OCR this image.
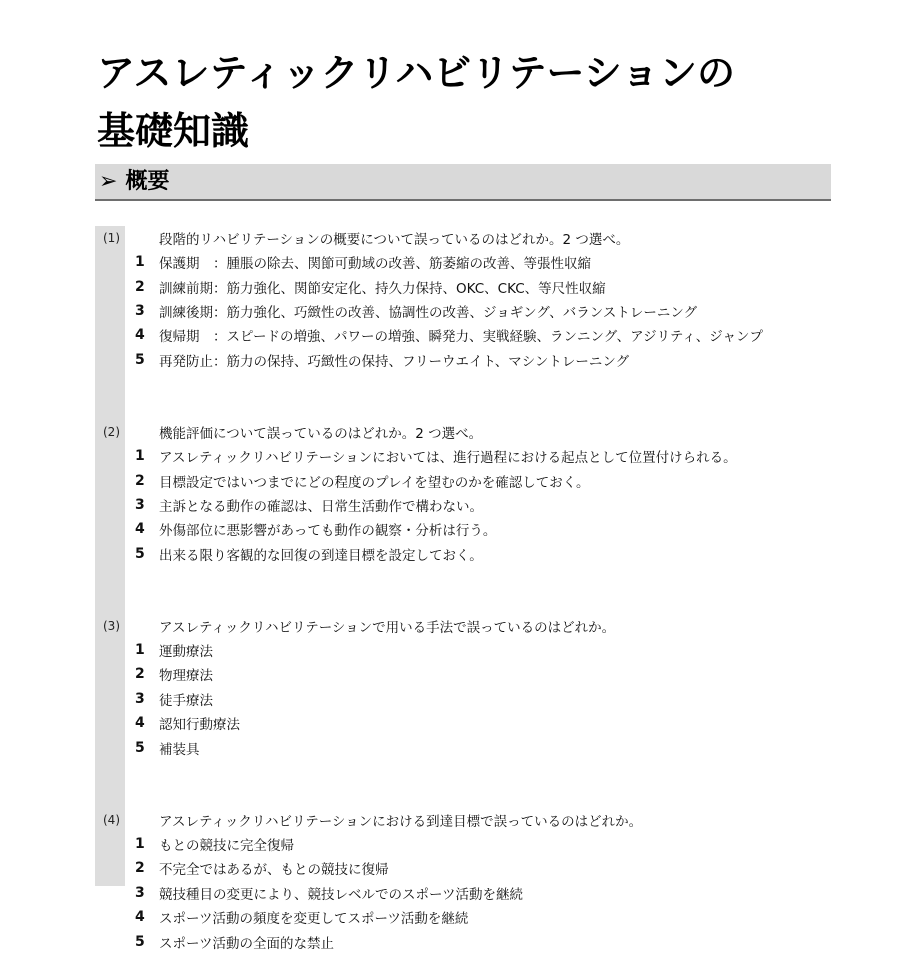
アスレティックリハビリテーションの
基礎知識
➢ 概要
(1)	段階的リハビリテーションの概要について誤っているのはどれか。2 つ選べ。
1	保護期　：腫脹の除去、関節可動域の改善、筋萎縮の改善、等張性収縮
2	訓練前期：筋力強化、関節安定化、持久力保持、OKC、CKC、等尺性収縮
3	訓練後期：筋力強化、巧緻性の改善、協調性の改善、ジョギング、バランストレーニング
4	復帰期　：スピードの増強、パワーの増強、瞬発力、実戦経験、ランニング、アジリティ、ジャンプ
5	再発防止：筋力の保持、巧緻性の保持、フリーウエイト、マシントレーニング
(2)	機能評価について誤っているのはどれか。2 つ選べ。
1	アスレティックリハビリテーションにおいては、進行過程における起点として位置付けられる。
2	目標設定ではいつまでにどの程度のプレイを望むのかを確認しておく。
3	主訴となる動作の確認は、日常生活動作で構わない。
4	外傷部位に悪影響があっても動作の観察・分析は行う。
5	出来る限り客観的な回復の到達目標を設定しておく。
(3)	アスレティックリハビリテーションで用いる手法で誤っているのはどれか。
1	運動療法
2	物理療法
3	徒手療法
4	認知行動療法
5	補装具
(4)	アスレティックリハビリテーションにおける到達目標で誤っているのはどれか。
1	もとの競技に完全復帰
2	不完全ではあるが、もとの競技に復帰
3	競技種目の変更により、競技レベルでのスポーツ活動を継続
4	スポーツ活動の頻度を変更してスポーツ活動を継続
5	スポーツ活動の全面的な禁止
